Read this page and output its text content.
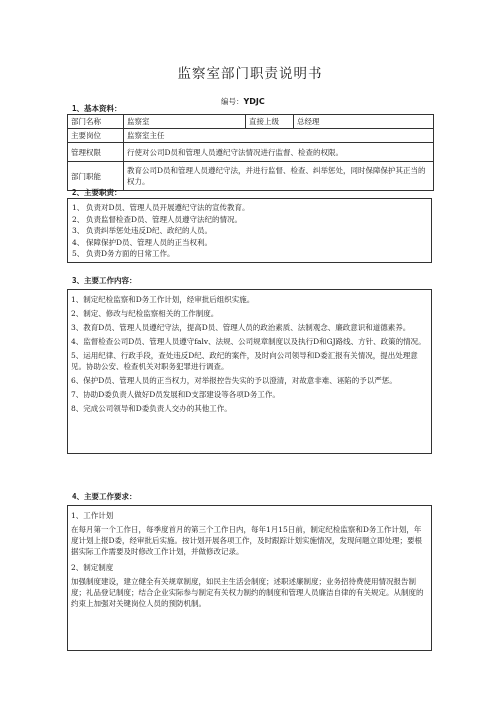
监察室部门职责说明书
编号：YDJC
1、基本资料：
部门名称	监察室	直接上级	总经理
主要岗位	监察室主任		
管理权限	行使对公司D员和管理人员遵纪守法情况进行监督、检查的权限。		
部门职能	教育公司D员和管理人员遵纪守法，并进行监督、检查、纠举惩处，同时保障保护其正当的权力。		
2、主要职责：
1、 负责对D员、管理人员开展遵纪守法的宣传教育。
2、 负责监督检查D员、管理人员遵守法纪的情况。
3、 负责纠举惩处违反D纪、政纪的人员。
4、 保障保护D员、管理人员的正当权利。
5、 负责D务方面的日常工作。
3、主要工作内容：

1、制定纪检监察和D务工作计划，经审批后组织实施。

2、制定、修改与纪检监察相关的工作制度。

3、教育D员、管理人员遵纪守法，提高D员、管理人员的政治素质、法制观念、廉政意识和道德素养。

4、监督检查公司D员、管理人员遵守falv、法规、公司规章制度以及执行D和GJ路线、方针、政策的情况。

5、运用纪律、行政手段，查处违反D纪、政纪的案件，及时向公司领导和D委汇报有关情况，提出处理意见。协助公安、检查机关对职务犯罪进行调查。

6、保护D员、管理人员的正当权力，对举报控告失实的予以澄清，对故意非难、诬陷的予以严惩。

7、协助D委负责人做好D员发展和D支部建设等各项D务工作。

8、完成公司领导和D委负责人交办的其他工作。

4、主要工作要求：

1、工作计划

在每月第一个工作日，每季度首月的第三个工作日内，每年1月15日前，制定纪检监察和D务工作计划，年度计划上报D委，经审批后实施。按计划开展各项工作，及时跟踪计划实施情况，发现问题立即处理；要根据实际工作需要及时修改工作计划，并做修改记录。

2、制定制度

加强制度建设，建立健全有关规章制度，如民主生活会制度；述职述廉制度；业务招待费使用情况报告制度；礼品登记制度；结合企业实际参与制定有关权力制约的制度和管理人员廉洁自律的有关规定。从制度的约束上加强对关键岗位人员的预防机制。
